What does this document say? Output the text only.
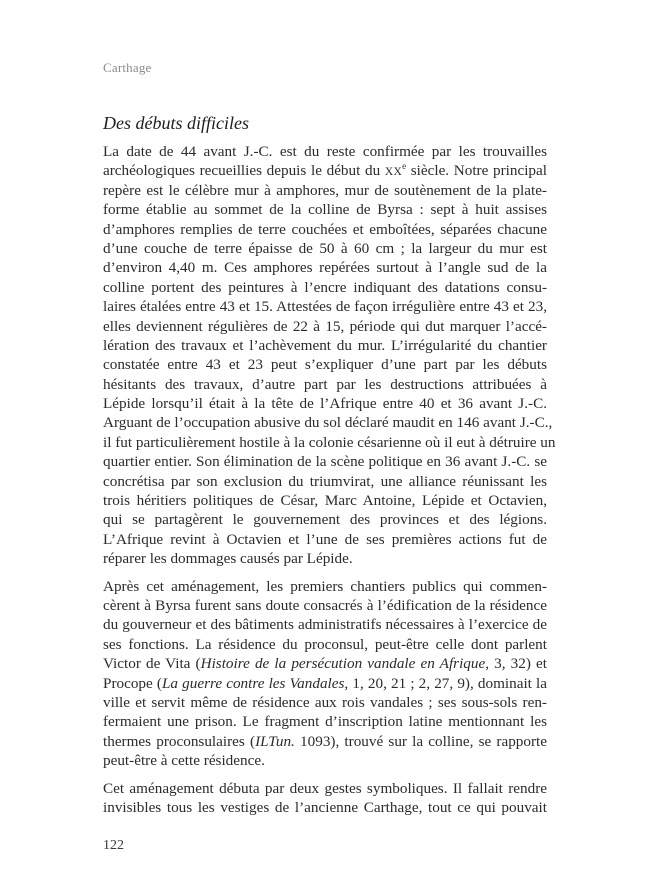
Carthage
Des débuts difficiles
La date de 44 avant J.-C. est du reste confirmée par les trouvailles
archéologiques recueillies depuis le début du XXe siècle. Notre principal
repère est le célèbre mur à amphores, mur de soutènement de la plate-
forme établie au sommet de la colline de Byrsa : sept à huit assises
d’amphores remplies de terre couchées et emboîtées, séparées chacune
d’une couche de terre épaisse de 50 à 60 cm ; la largeur du mur est
d’environ 4,40 m. Ces amphores repérées surtout à l’angle sud de la
colline portent des peintures à l’encre indiquant des datations consu-
laires étalées entre 43 et 15. Attestées de façon irrégulière entre 43 et 23,
elles deviennent régulières de 22 à 15, période qui dut marquer l’accé-
lération des travaux et l’achèvement du mur. L’irrégularité du chantier
constatée entre 43 et 23 peut s’expliquer d’une part par les débuts
hésitants des travaux, d’autre part par les destructions attribuées à
Lépide lorsqu’il était à la tête de l’Afrique entre 40 et 36 avant J.-C.
Arguant de l’occupation abusive du sol déclaré maudit en 146 avant J.-C.,
il fut particulièrement hostile à la colonie césarienne où il eut à détruire un
quartier entier. Son élimination de la scène politique en 36 avant J.-C. se
concrétisa par son exclusion du triumvirat, une alliance réunissant les
trois héritiers politiques de César, Marc Antoine, Lépide et Octavien,
qui se partagèrent le gouvernement des provinces et des légions.
L’Afrique revint à Octavien et l’une de ses premières actions fut de
réparer les dommages causés par Lépide.
Après cet aménagement, les premiers chantiers publics qui commen-
cèrent à Byrsa furent sans doute consacrés à l’édification de la résidence
du gouverneur et des bâtiments administratifs nécessaires à l’exercice de
ses fonctions. La résidence du proconsul, peut-être celle dont parlent
Victor de Vita (Histoire de la persécution vandale en Afrique, 3, 32) et
Procope (La guerre contre les Vandales, 1, 20, 21 ; 2, 27, 9), dominait la
ville et servit même de résidence aux rois vandales ; ses sous-sols ren-
fermaient une prison. Le fragment d’inscription latine mentionnant les
thermes proconsulaires (ILTun. 1093), trouvé sur la colline, se rapporte
peut-être à cette résidence.
Cet aménagement débuta par deux gestes symboliques. Il fallait rendre
invisibles tous les vestiges de l’ancienne Carthage, tout ce qui pouvait
122
